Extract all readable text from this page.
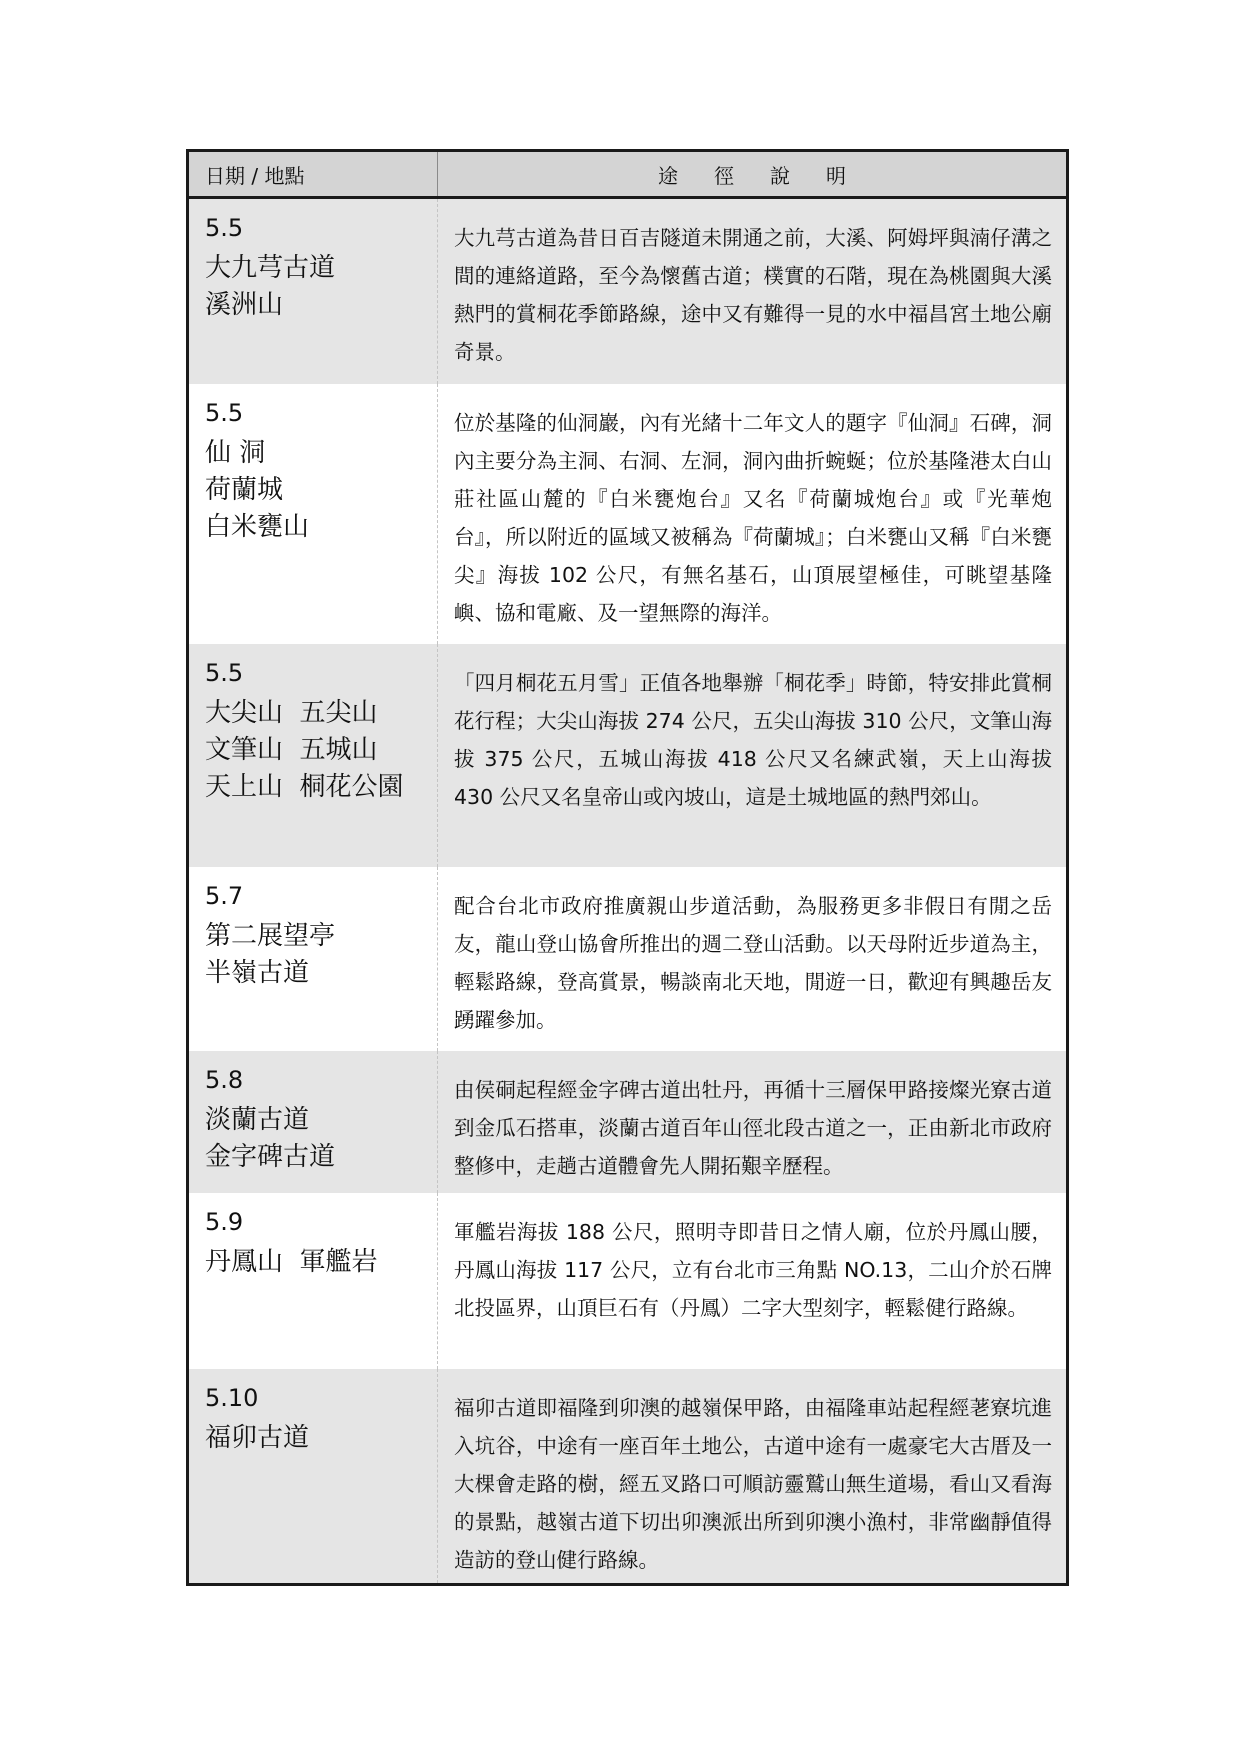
日期 / 地點	途徑說明
5.5
大九芎古道
溪洲山
大九芎古道為昔日百吉隧道未開通之前，大溪、阿姆坪與湳仔溝之間的連絡道路，至今為懷舊古道；樸實的石階，現在為桃園與大溪熱門的賞桐花季節路線，途中又有難得一見的水中福昌宮土地公廟奇景。
5.5
仙 洞
荷蘭城
白米甕山
位於基隆的仙洞巖，內有光緒十二年文人的題字『仙洞』石碑，洞內主要分為主洞、右洞、左洞，洞內曲折蜿蜒；位於基隆港太白山莊社區山麓的『白米甕炮台』又名『荷蘭城炮台』或『光華炮台』，所以附近的區域又被稱為『荷蘭城』；白米甕山又稱『白米甕尖』海拔 102 公尺，有無名基石，山頂展望極佳，可眺望基隆嶼、協和電廠、及一望無際的海洋。
5.5
大尖山  五尖山
文筆山  五城山
天上山  桐花公園
「四月桐花五月雪」正值各地舉辦「桐花季」時節，特安排此賞桐花行程；大尖山海拔 274 公尺，五尖山海拔 310 公尺，文筆山海拔 375 公尺，五城山海拔 418 公尺又名練武嶺，天上山海拔 430 公尺又名皇帝山或內坡山，這是土城地區的熱門郊山。
5.7
第二展望亭
半嶺古道
配合台北市政府推廣親山步道活動，為服務更多非假日有閒之岳友，龍山登山協會所推出的週二登山活動。以天母附近步道為主，輕鬆路線，登高賞景，暢談南北天地，閒遊一日，歡迎有興趣岳友踴躍參加。
5.8
淡蘭古道
金字碑古道
由侯硐起程經金字碑古道出牡丹，再循十三層保甲路接燦光寮古道到金瓜石搭車，淡蘭古道百年山徑北段古道之一，正由新北市政府整修中，走趟古道體會先人開拓艱辛歷程。
5.9
丹鳳山  軍艦岩
軍艦岩海拔 188 公尺，照明寺即昔日之情人廟，位於丹鳳山腰，丹鳳山海拔 117 公尺，立有台北市三角點 NO.13，二山介於石牌北投區界，山頂巨石有（丹鳳）二字大型刻字，輕鬆健行路線。
5.10
福卯古道
福卯古道即福隆到卯澳的越嶺保甲路，由福隆車站起程經荖寮坑進入坑谷，中途有一座百年土地公，古道中途有一處豪宅大古厝及一大棵會走路的樹，經五叉路口可順訪靈鷲山無生道場，看山又看海的景點，越嶺古道下切出卯澳派出所到卯澳小漁村，非常幽靜值得造訪的登山健行路線。
